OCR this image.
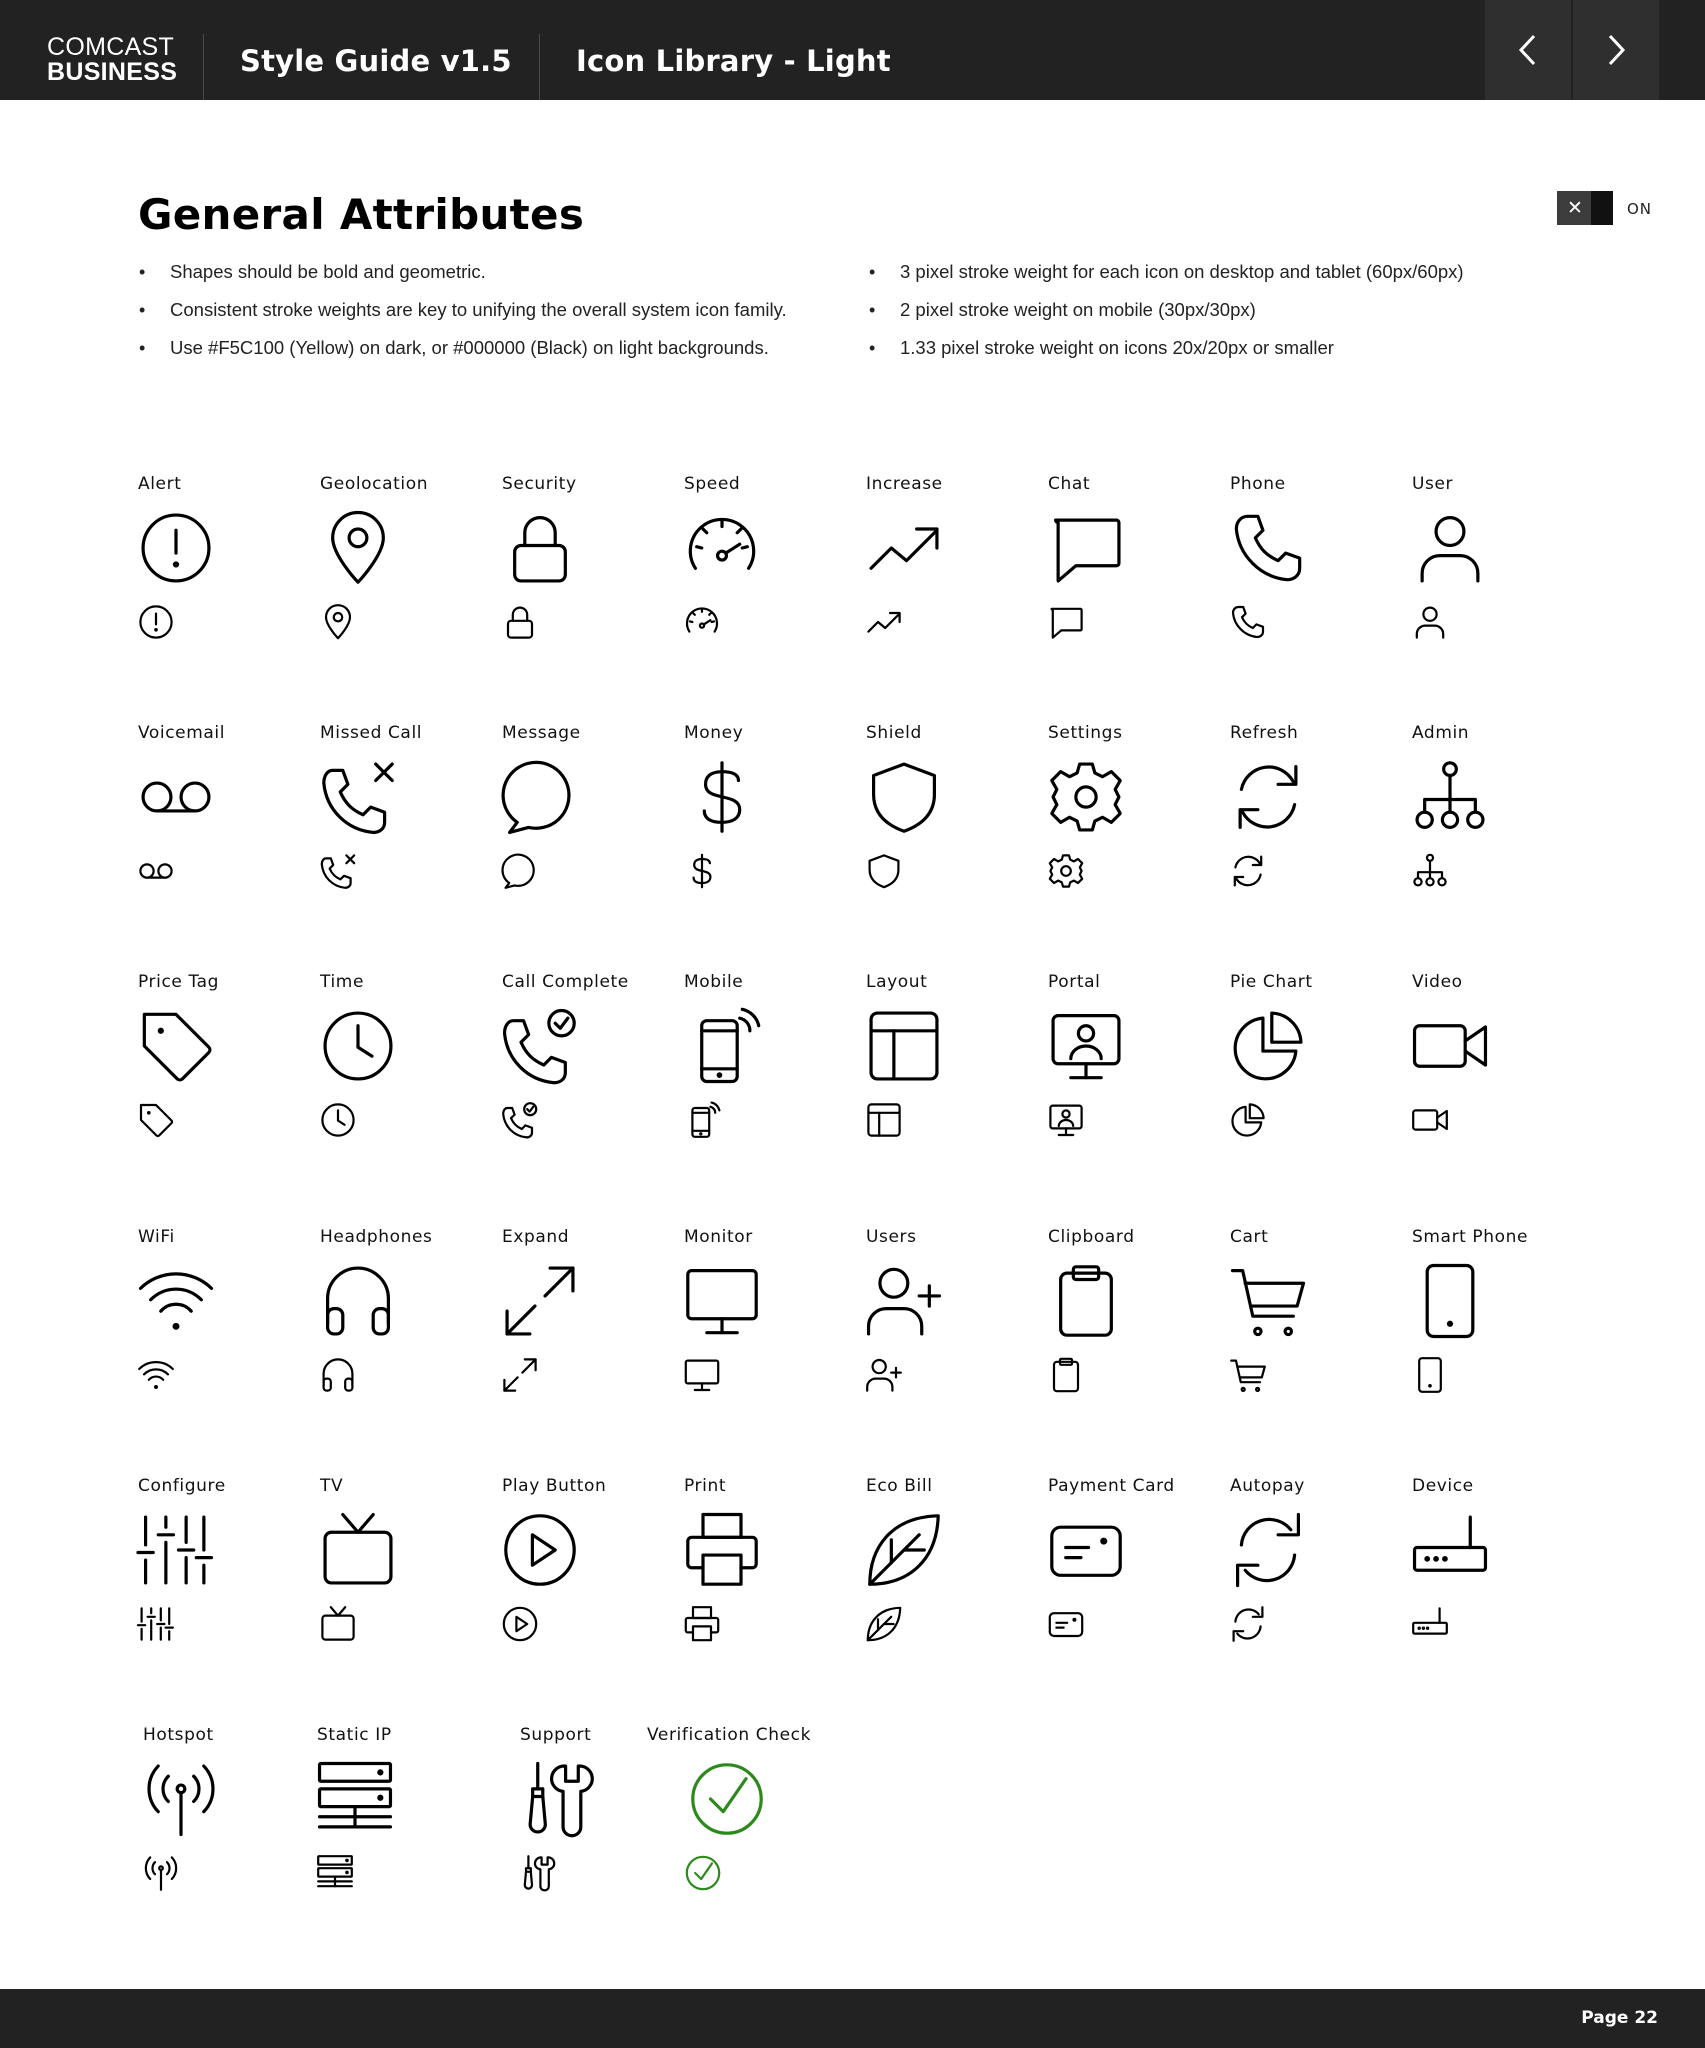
COMCAST
BUSINESS Style Guide v1.5 Icon Library - Light
General Attributes	✕	ON
• Shapes should be bold and geometric.
• Consistent stroke weights are key to unifying the overall system icon family.
• Use #F5C100 (Yellow) on dark, or #000000 (Black) on light backgrounds.
• 3 pixel stroke weight for each icon on desktop and tablet (60px/60px)
• 2 pixel stroke weight on mobile (30px/30px)
• 1.33 pixel stroke weight on icons 20x/20px or smaller
Alert	Geolocation	Security	Speed	Increase	Chat	Phone	User
Voicemail	Missed Call	Message	Money	Shield	Settings	Refresh	Admin
Price Tag	Time	Call Complete	Mobile	Layout	Portal	Pie Chart	Video
WiFi	Headphones	Expand	Monitor	Users	Clipboard	Cart	Smart Phone
Configure	TV	Play Button	Print	Eco Bill	Payment Card	Autopay	Device
Hotspot	Static IP	Support	Verification Check
Page 22
